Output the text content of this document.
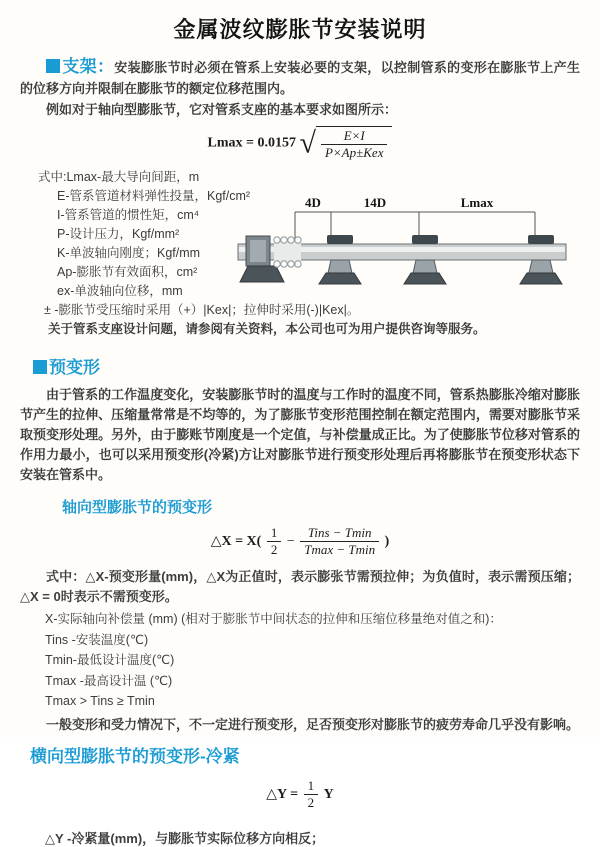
金属波纹膨胀节安装说明

支架：安装膨胀节时必须在管系上安装必要的支架，以控制管系的变形在膨胀节上产生的位移方向并限制在膨胀节的额定位移范围内。

例如对于轴向型膨胀节，它对管系支座的基本要求如图所示：

Lmax = 0.0157 √ $\frac{E\times I}{\text{P×Ap±Kex}}$
式中:Lmax-最大导向间距，m
E-管系管道材料弹性投量，Kgf/cm²
I-管系管道的惯性矩，cm⁴
P-设计压力，Kgf/mm²
K-单波轴向刚度；Kgf/mm
Ap-膨胀节有效面积，cm²
ex-单波轴向位移，mm
± -膨胀节受压缩时采用（+）|Kex|；拉伸时采用(-)|Kex|。
关于管系支座设计问题，请参阅有关资料，本公司也可为用户提供咨询等服务。
4D	14D	Lmax
预变形

由于管系的工作温度变化，安装膨胀节时的温度与工作时的温度不同，管系热膨胀冷缩对膨胀节产生的拉伸、压缩量常常是不均等的，为了膨胀节变形范围控制在额定范围内，需要对膨胀节采取预变形处理。另外，由于膨账节刚度是一个定值，与补偿量成正比。为了使膨胀节位移对管系的作用力最小，也可以采用预变形(冷紧)方让对膨胀节进行预变形处理后再将膨胀节在预变形状态下安装在管系中。

轴向型膨胀节的预变形
△X = $X( \frac{1}{2} - \frac{\text{Tins − Tmin}}{Tmax - Tmin}$ )

式中：△X-预变形量(mm)，△X为正值时，表示膨张节需预拉伸；为负值时，表示需预压缩；△X = 0时表示不需预变形。

X-实际轴向补偿量 (mm) (相对于膨胀节中间状态的拉伸和压缩位移量绝对值之和)：
Tins -安装温度(℃)
Tmin-最低设计温度(℃)
Tmax -最高设计温 (℃)
Tmax > Tins ≥ Tmin

一般变形和受力情况下，不一定进行预变形，足否预变形对膨胀节的疲劳寿命几乎没有影响。

横向型膨胀节的预变形-冷紧
△Y = $\frac{1}{2}$ Y

△Y -冷紧量(mm)，与膨胀节实际位移方向相反；
